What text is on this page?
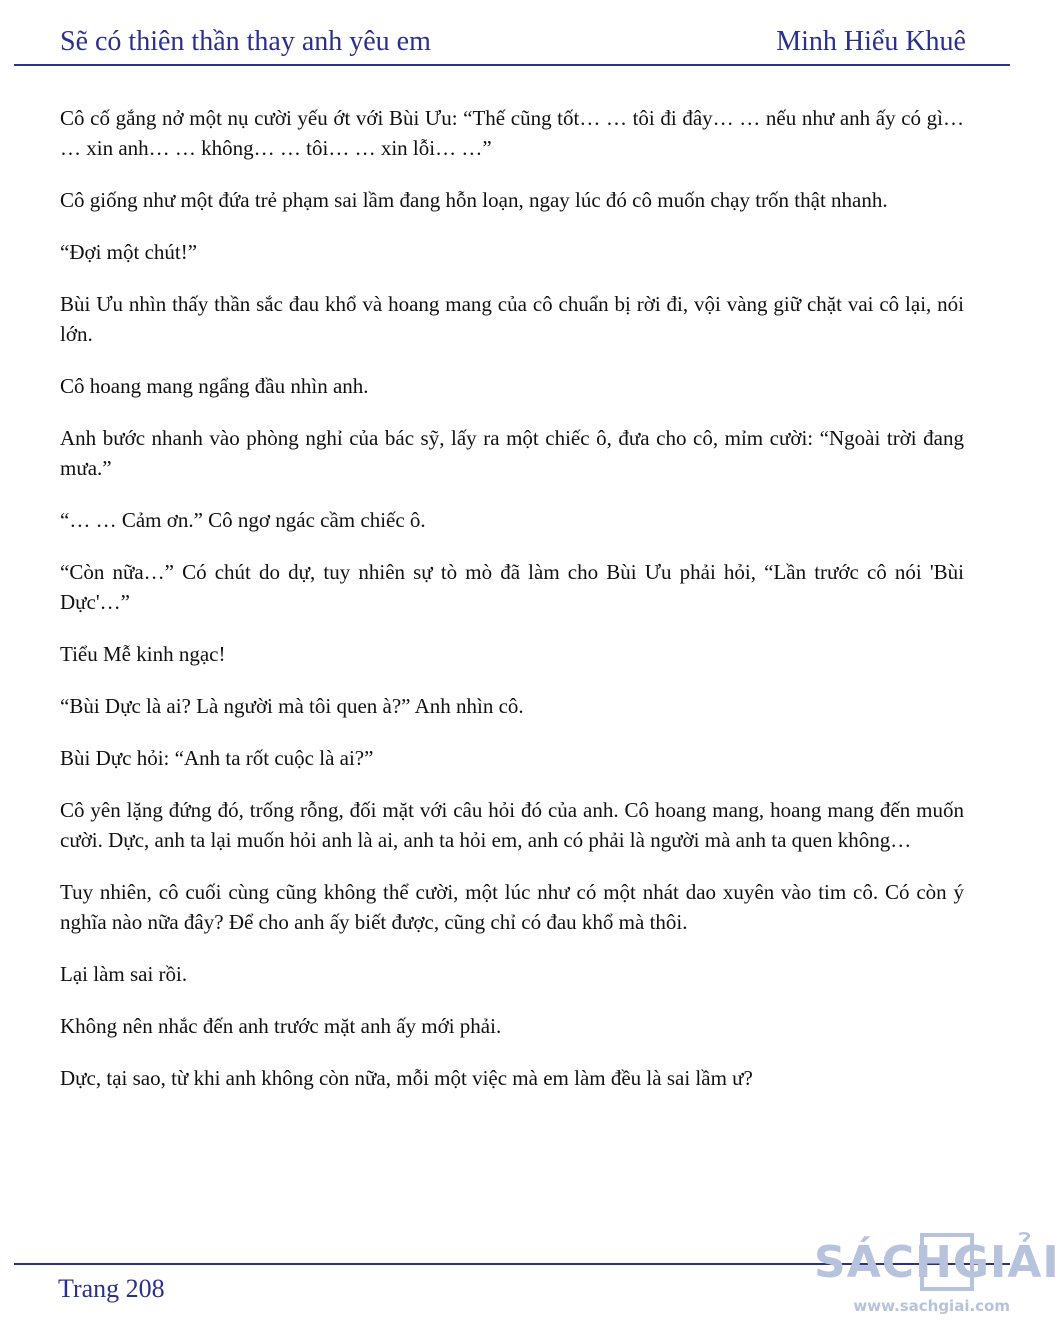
Sẽ có thiên thần thay anh yêu em	Minh Hiểu Khuê

Cô cố gắng nở một nụ cười yếu ớt với Bùi Ưu: “Thế cũng tốt… … tôi đi đây… … nếu như anh ấy có gì… … xin anh… … không… … tôi… … xin lỗi… …”

Cô giống như một đứa trẻ phạm sai lầm đang hỗn loạn, ngay lúc đó cô muốn chạy trốn thật nhanh.

“Đợi một chút!”

Bùi Ưu nhìn thấy thần sắc đau khổ và hoang mang của cô chuẩn bị rời đi, vội vàng giữ chặt vai cô lại, nói lớn.

Cô hoang mang ngẩng đầu nhìn anh.

Anh bước nhanh vào phòng nghỉ của bác sỹ, lấy ra một chiếc ô, đưa cho cô, mỉm cười: “Ngoài trời đang mưa.”

“… … Cảm ơn.” Cô ngơ ngác cầm chiếc ô.

“Còn nữa…” Có chút do dự, tuy nhiên sự tò mò đã làm cho Bùi Ưu phải hỏi, “Lần trước cô nói 'Bùi Dực'…”

Tiểu Mễ kinh ngạc!

“Bùi Dực là ai? Là người mà tôi quen à?” Anh nhìn cô.

Bùi Dực hỏi: “Anh ta rốt cuộc là ai?”

Cô yên lặng đứng đó, trống rỗng, đối mặt với câu hỏi đó của anh. Cô hoang mang, hoang mang đến muốn cười. Dực, anh ta lại muốn hỏi anh là ai, anh ta hỏi em, anh có phải là người mà anh ta quen không…

Tuy nhiên, cô cuối cùng cũng không thể cười, một lúc như có một nhát dao xuyên vào tim cô. Có còn ý nghĩa nào nữa đây? Để cho anh ấy biết được, cũng chỉ có đau khổ mà thôi.

Lại làm sai rồi.

Không nên nhắc đến anh trước mặt anh ấy mới phải.

Dực, tại sao, từ khi anh không còn nữa, mỗi một việc mà em làm đều là sai lầm ư?

Trang 208
SÁCHGIẢI
www.sachgiai.com
